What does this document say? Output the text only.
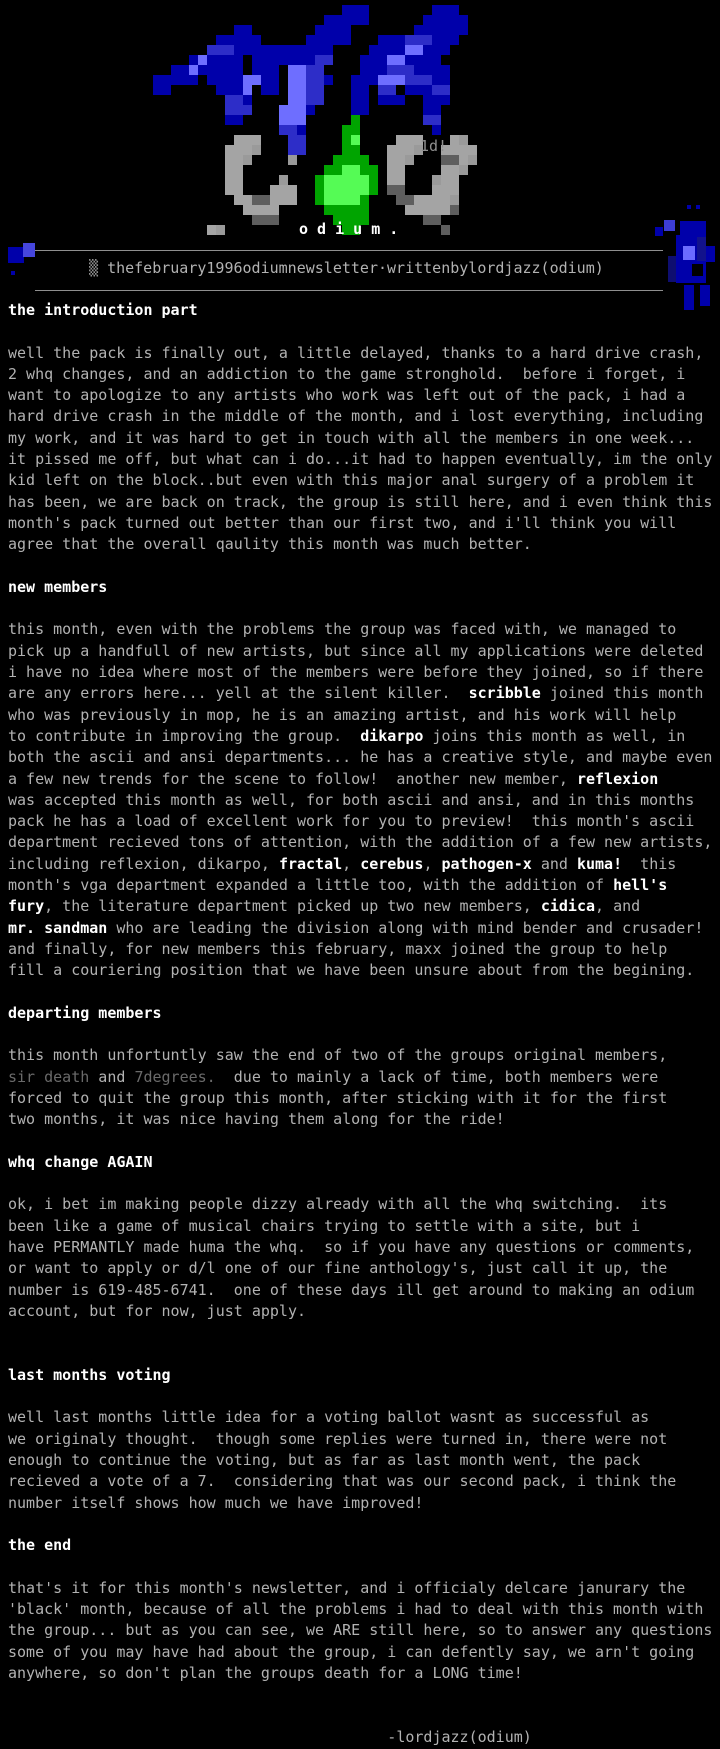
1d!
o d i u m .
▒ thefebruary1996odiumnewsletter·writtenbylordjazz(odium)
the introduction part
well the pack is finally out, a little delayed, thanks to a hard drive crash,
2 whq changes, and an addiction to the game stronghold.  before i forget, i
want to apologize to any artists who work was left out of the pack, i had a
hard drive crash in the middle of the month, and i lost everything, including
my work, and it was hard to get in touch with all the members in one week...
it pissed me off, but what can i do...it had to happen eventually, im the only
kid left on the block..but even with this major anal surgery of a problem it
has been, we are back on track, the group is still here, and i even think this
month's pack turned out better than our first two, and i'll think you will
agree that the overall qaulity this month was much better.
new members
this month, even with the problems the group was faced with, we managed to
pick up a handfull of new artists, but since all my applications were deleted
i have no idea where most of the members were before they joined, so if there
are any errors here... yell at the silent killer.  scribble joined this month
who was previously in mop, he is an amazing artist, and his work will help
to contribute in improving the group.  dikarpo joins this month as well, in
both the ascii and ansi departments... he has a creative style, and maybe even
a few new trends for the scene to follow!  another new member, reflexion
was accepted this month as well, for both ascii and ansi, and in this months
pack he has a load of excellent work for you to preview!  this month's ascii
department recieved tons of attention, with the addition of a few new artists,
including reflexion, dikarpo, fractal, cerebus, pathogen-x and kuma!  this
month's vga department expanded a little too, with the addition of hell's
fury, the literature department picked up two new members, cidica, and
mr. sandman who are leading the division along with mind bender and crusader!
and finally, for new members this february, maxx joined the group to help
fill a couriering position that we have been unsure about from the begining.
departing members
this month unfortuntly saw the end of two of the groups original members,
sir death and 7degrees.  due to mainly a lack of time, both members were
forced to quit the group this month, after sticking with it for the first
two months, it was nice having them along for the ride!
whq change AGAIN
ok, i bet im making people dizzy already with all the whq switching.  its
been like a game of musical chairs trying to settle with a site, but i
have PERMANTLY made huma the whq.  so if you have any questions or comments,
or want to apply or d/l one of our fine anthology's, just call it up, the
number is 619-485-6741.  one of these days ill get around to making an odium
account, but for now, just apply.
last months voting
well last months little idea for a voting ballot wasnt as successful as
we originaly thought.  though some replies were turned in, there were not
enough to continue the voting, but as far as last month went, the pack
recieved a vote of a 7.  considering that was our second pack, i think the
number itself shows how much we have improved!
the end
that's it for this month's newsletter, and i officialy delcare janurary the
'black' month, because of all the problems i had to deal with this month with
the group... but as you can see, we ARE still here, so to answer any questions
some of you may have had about the group, i can defently say, we arn't going
anywhere, so don't plan the groups death for a LONG time!
-lordjazz(odium)
